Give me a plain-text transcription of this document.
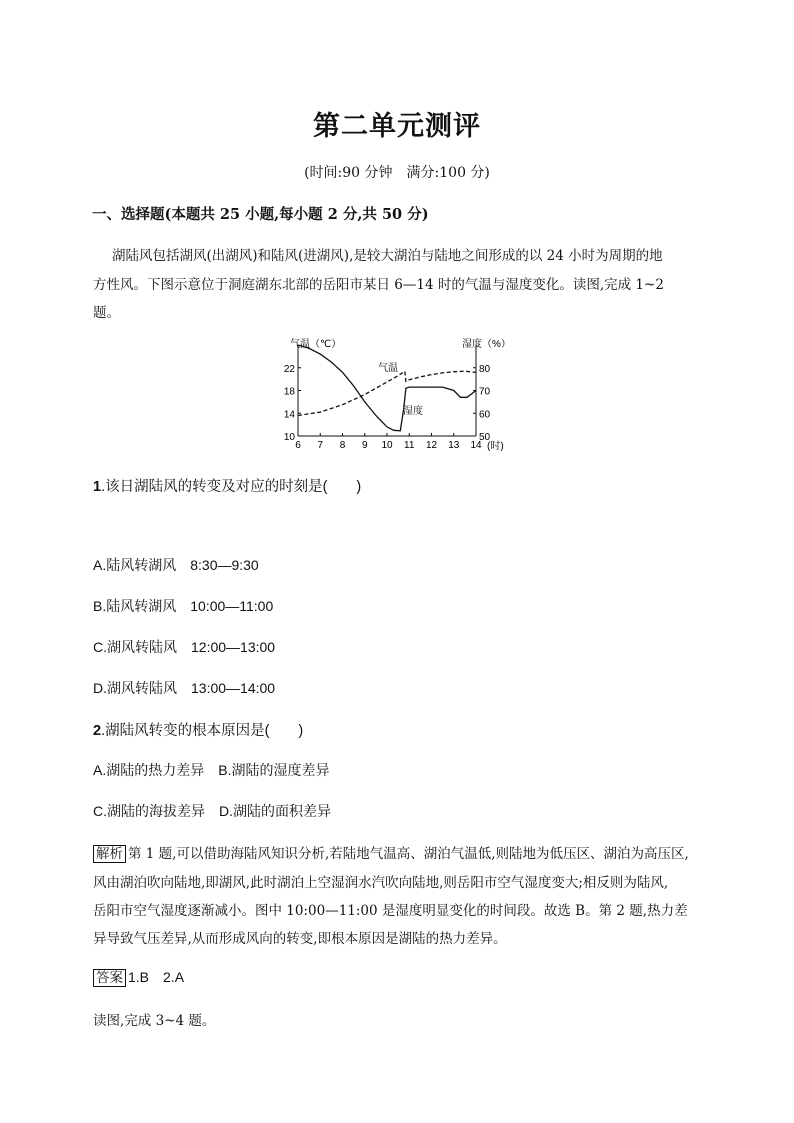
第二单元测评
(时间:90 分钟　满分:100 分)
一、选择题(本题共 25 小题,每小题 2 分,共 50 分)
湖陆风包括湖风(出湖风)和陆风(进湖风),是较大湖泊与陆地之间形成的以 24 小时为周期的地
方性风。下图示意位于洞庭湖东北部的岳阳市某日 6—14 时的气温与湿度变化。读图,完成 1~2
题。
6 7 8 9 10 11 12 13 14
10
14
18
22
50
60
70
80
气温（℃）	湿度（%）
(时)
气温
湿度
1.该日湖陆风的转变及对应的时刻是(　　)
A.陆风转湖风　8:30—9:30
B.陆风转湖风　10:00—11:00
C.湖风转陆风　12:00—13:00
D.湖风转陆风　13:00—14:00
2.湖陆风转变的根本原因是(　　)
A.湖陆的热力差异　B.湖陆的湿度差异
C.湖陆的海拔差异　D.湖陆的面积差异
解析 第 1 题,可以借助海陆风知识分析,若陆地气温高、湖泊气温低,则陆地为低压区、湖泊为高压区,
风由湖泊吹向陆地,即湖风,此时湖泊上空湿润水汽吹向陆地,则岳阳市空气湿度变大;相反则为陆风,
岳阳市空气湿度逐渐减小。图中 10:00—11:00 是湿度明显变化的时间段。故选 B。第 2 题,热力差
异导致气压差异,从而形成风向的转变,即根本原因是湖陆的热力差异。
答案 1.B　2.A
读图,完成 3~4 题。
